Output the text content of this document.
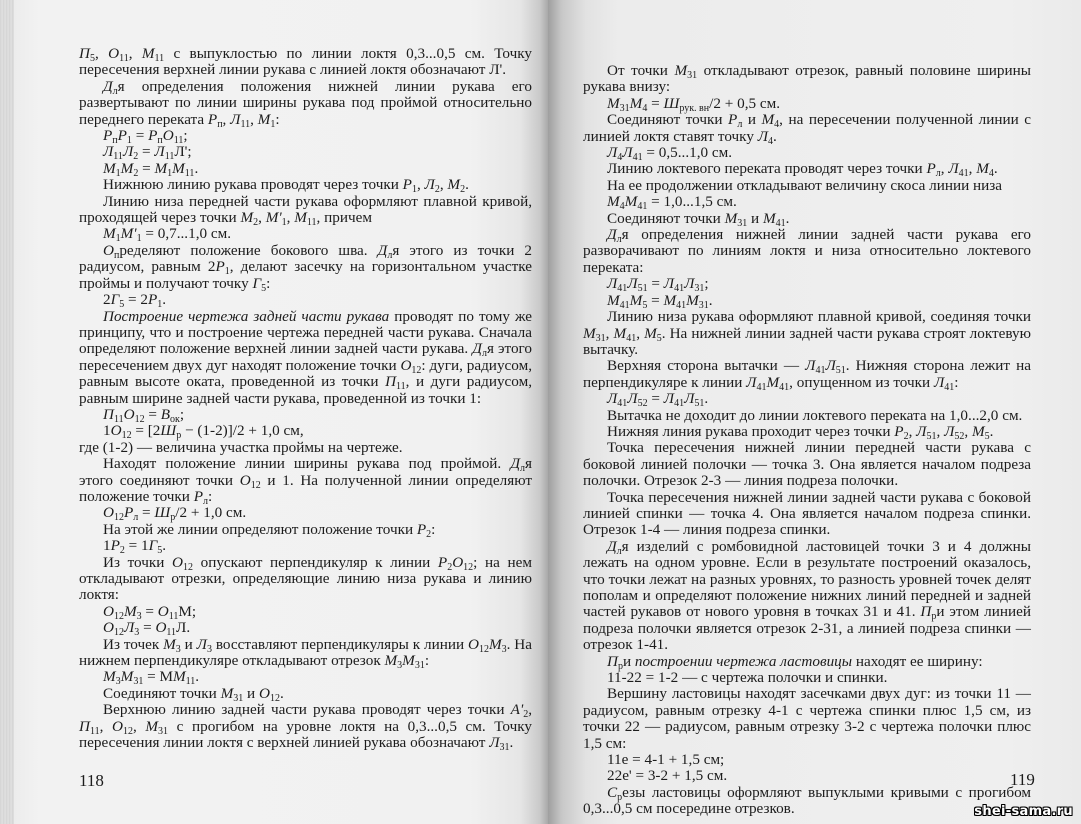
$П_5$, $О_{11}$, $М_{11}$ с выпуклостью по линии локтя 0,3...0,5 см. Точку пересечения верхней линии рукава с линией локтя обозначают Л'.

$Д_ля$ определения положения нижней линии рукава его развертывают по линии ширины рукава под проймой относительно переднего переката $Р_п$, $Л_{11}$, $М_1$:

$Р_пР_1 = Р_пО_{11}$;

$Л_{11}Л_2 = Л_{11}Л'$;

$М_1М_2 = М_1М_{11}$.

Нижнюю линию рукава проводят через точки $Р_1$, $Л_2$, $М_2$.

Линию низа передней части рукава оформляют плавной кривой, проходящей через точки $М_2$, $М'_1$, $М_{11}$, причем

$М_1М'_1 = 0,7...1,0$ см.

$О_пределяют$ положение бокового шва. $Д_ля$ этого из точки 2 радиусом, равным $2Р_1$, делают засечку на горизонтальном участке проймы и получают точку $Г_5$:

$2Г_5 = 2Р_1$.

Построение чертежа задней части рукава проводят по тому же принципу, что и построение чертежа передней части рукава. Сначала определяют положение верхней линии задней части рукава. $Д_ля$ этого пересечением двух дуг находят положение точки $О_{12}$: дуги, радиусом, равным высоте оката, проведенной из точки $П_{11}$, и дуги радиусом, равным ширине задней части рукава, проведенной из точки 1:

$П_{11}О_{12} = В_{ок}$;

$1О_{12} = [2Ш_р - (1-2)]/2 + 1,0$ см,

где (1-2) — величина участка проймы на чертеже.

Находят положение линии ширины рукава под проймой. $Д_ля$ этого соединяют точки $О_{12}$ и 1. На полученной линии определяют положение точки $Р_л$:

$О_{12}Р_л = Ш_р/2 + 1,0$ см.

На этой же линии определяют положение точки $Р_2$:

$1Р_2 = 1Г_5$.

Из точки $О_{12}$ опускают перпендикуляр к линии $Р_2О_{12}$; на нем откладывают отрезки, определяющие линию низа рукава и линию локтя:

$О_{12}М_3 = О_{11}М$;

$О_{12}Л_3 = О_{11}Л$.

Из точек $М_3$ и $Л_3$ восставляют перпендикуляры к линии $О_{12}М_3$. На нижнем перпендикуляре откладывают отрезок $М_3М_{31}$:

$М_3М_{31} = ММ_{11}$.

Соединяют точки $М_{31}$ и $О_{12}$.

Верхнюю линию задней части рукава проводят через точки $А'_2$, $П_{11}$, $О_{12}$, $М_{31}$ с прогибом на уровне локтя на 0,3...0,5 см. Точку пересечения линии локтя с верхней линией рукава обозначают $Л_{31}$.

118

От точки $М_{31}$ откладывают отрезок, равный половине ширины рукава внизу:

$М_{31}М_4 = Ш_{рук. вн}/2 + 0,5$ см.

Соединяют точки $Р_л$ и $М_4$, на пересечении полученной линии с линией локтя ставят точку $Л_4$.

$Л_4Л_{41} = 0,5...1,0$ см.

Линию локтевого переката проводят через точки $Р_л$, $Л_{41}$, $М_4$.

На ее продолжении откладывают величину скоса линии низа

$М_4М_{41} = 1,0...1,5$ см.

Соединяют точки $М_{31}$ и $М_{41}$.

$Д_ля$ определения нижней линии задней части рукава его разворачивают по линиям локтя и низа относительно локтевого переката:

$Л_{41}Л_{51} = Л_{41}Л_{31}$;

$М_{41}М_5 = М_{41}М_{31}$.

Линию низа рукава оформляют плавной кривой, соединяя точки $М_{31}$, $М_{41}$, $М_5$. На нижней линии задней части рукава строят локтевую вытачку.

Верхняя сторона вытачки — $Л_{41}Л_{51}$. Нижняя сторона лежит на перпендикуляре к линии $Л_{41}М_{41}$, опущенном из точки $Л_{41}$:

$Л_{41}Л_{52} = Л_{41}Л_{51}$.

Вытачка не доходит до линии локтевого переката на 1,0...2,0 см.

Нижняя линия рукава проходит через точки $Р_2$, $Л_{51}$, $Л_{52}$, $М_5$.

Точка пересечения нижней линии передней части рукава с боковой линией полочки — точка 3. Она является началом подреза полочки. Отрезок 2-3 — линия подреза полочки.

Точка пересечения нижней линии задней части рукава с боковой линией спинки — точка 4. Она является началом подреза спинки. Отрезок 1-4 — линия подреза спинки.

$Д_ля$ изделий с ромбовидной ластовицей точки 3 и 4 должны лежать на одном уровне. Если в результате построений оказалось, что точки лежат на разных уровнях, то разность уровней точек делят пополам и определяют положение нижних линий передней и задней частей рукавов от нового уровня в точках 31 и 41. $П_ри$ этом линией подреза полочки является отрезок 2-31, а линией подреза спинки — отрезок 1-41.

$П_ри$ построении чертежа ластовицы находят ее ширину:

11-22 = 1-2 — с чертежа полочки и спинки.

Вершину ластовицы находят засечками двух дуг: из точки 11 — радиусом, равным отрезку 4-1 с чертежа спинки плюс 1,5 см, из точки 22 — радиусом, равным отрезку 3-2 с чертежа полочки плюс 1,5 см:

11е = 4-1 + 1,5 см;

22е' = 3-2 + 1,5 см.

$С_резы$ ластовицы оформляют выпуклыми кривыми с прогибом 0,3...0,5 см посередине отрезков.

119
shei-sama.ru
